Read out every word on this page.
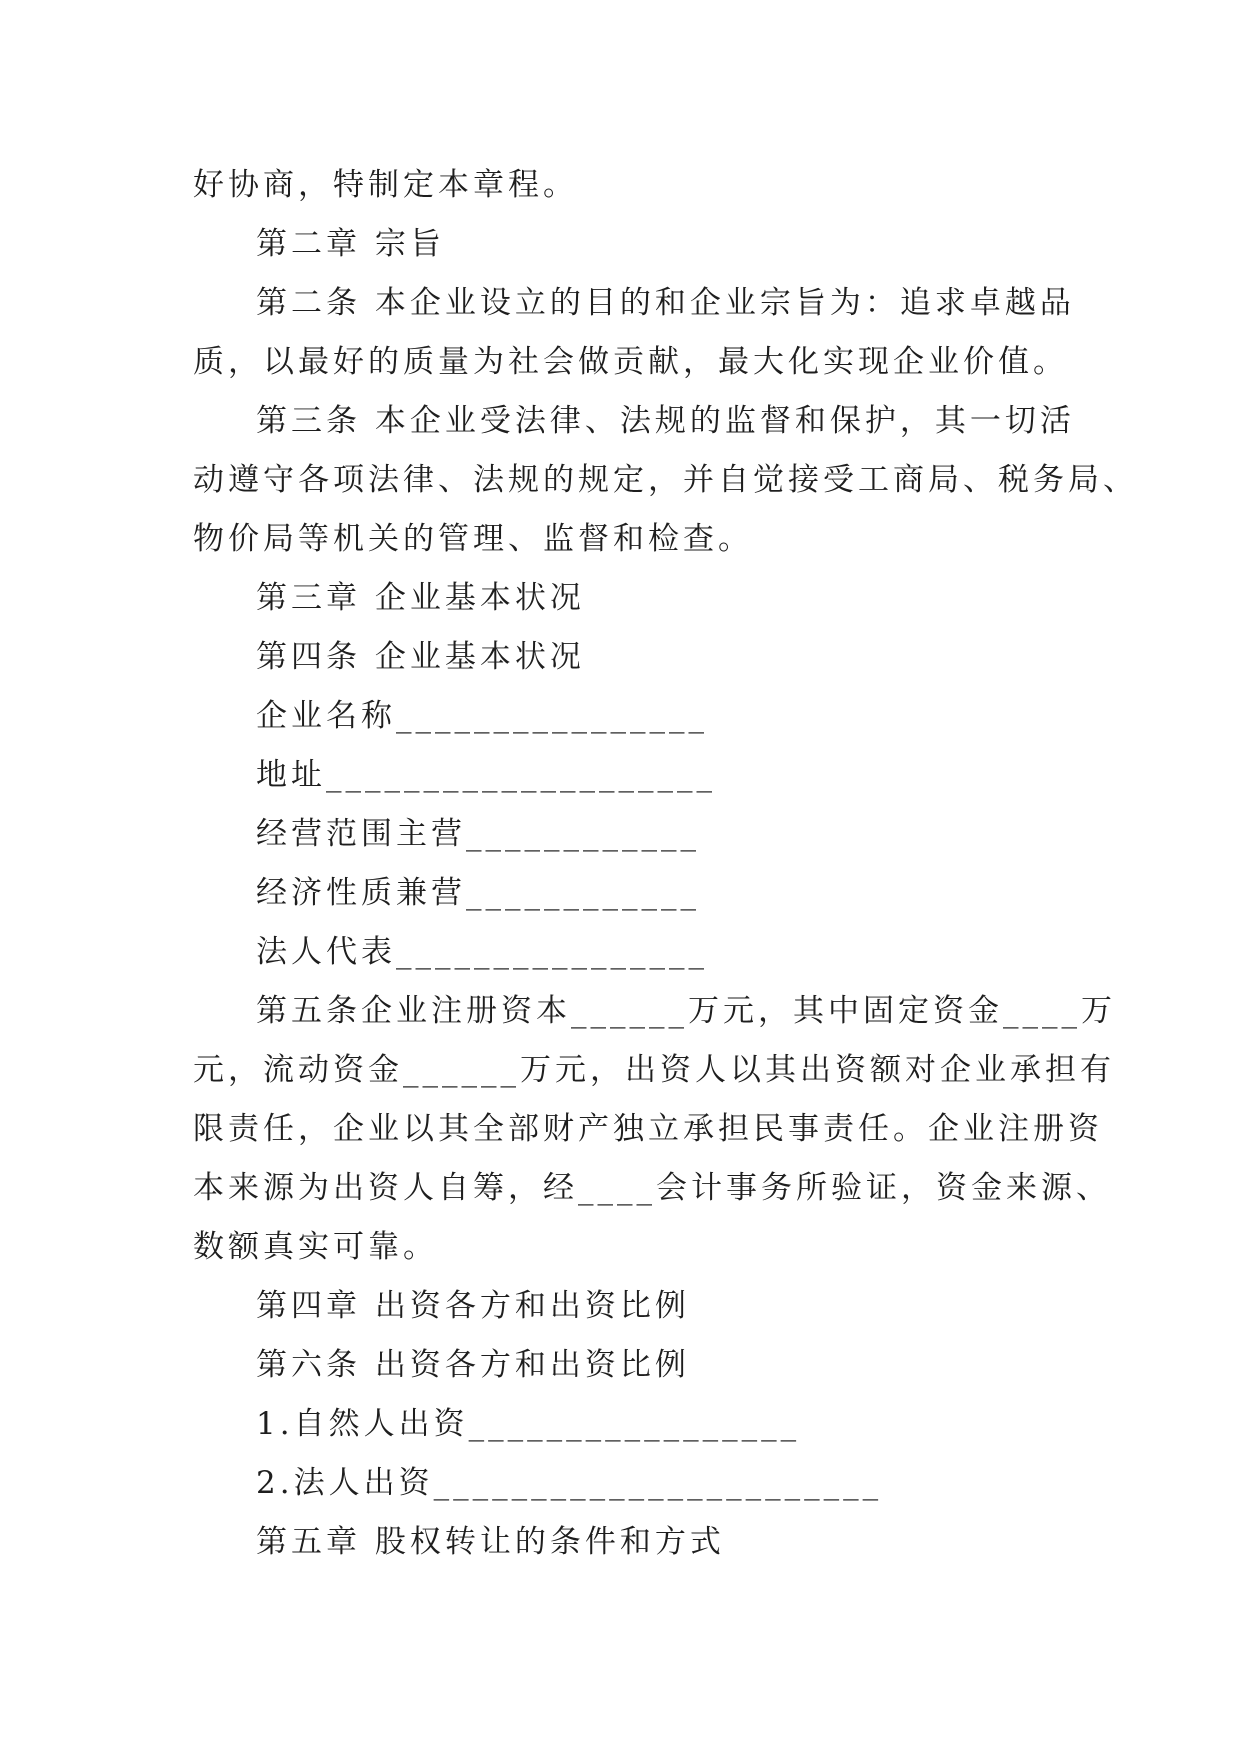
好协商，特制定本章程。
第二章 宗旨
第二条 本企业设立的目的和企业宗旨为：追求卓越品
质，以最好的质量为社会做贡献，最大化实现企业价值。
第三条 本企业受法律、法规的监督和保护，其一切活
动遵守各项法律、法规的规定，并自觉接受工商局、税务局、
物价局等机关的管理、监督和检查。
第三章 企业基本状况
第四条 企业基本状况
企业名称________________
地址____________________
经营范围主营____________
经济性质兼营____________
法人代表________________
第五条企业注册资本______万元，其中固定资金____万
元，流动资金______万元，出资人以其出资额对企业承担有
限责任，企业以其全部财产独立承担民事责任。企业注册资
本来源为出资人自筹，经____会计事务所验证，资金来源、
数额真实可靠。
第四章 出资各方和出资比例
第六条 出资各方和出资比例
1.自然人出资_________________
2.法人出资_______________________
第五章 股权转让的条件和方式
